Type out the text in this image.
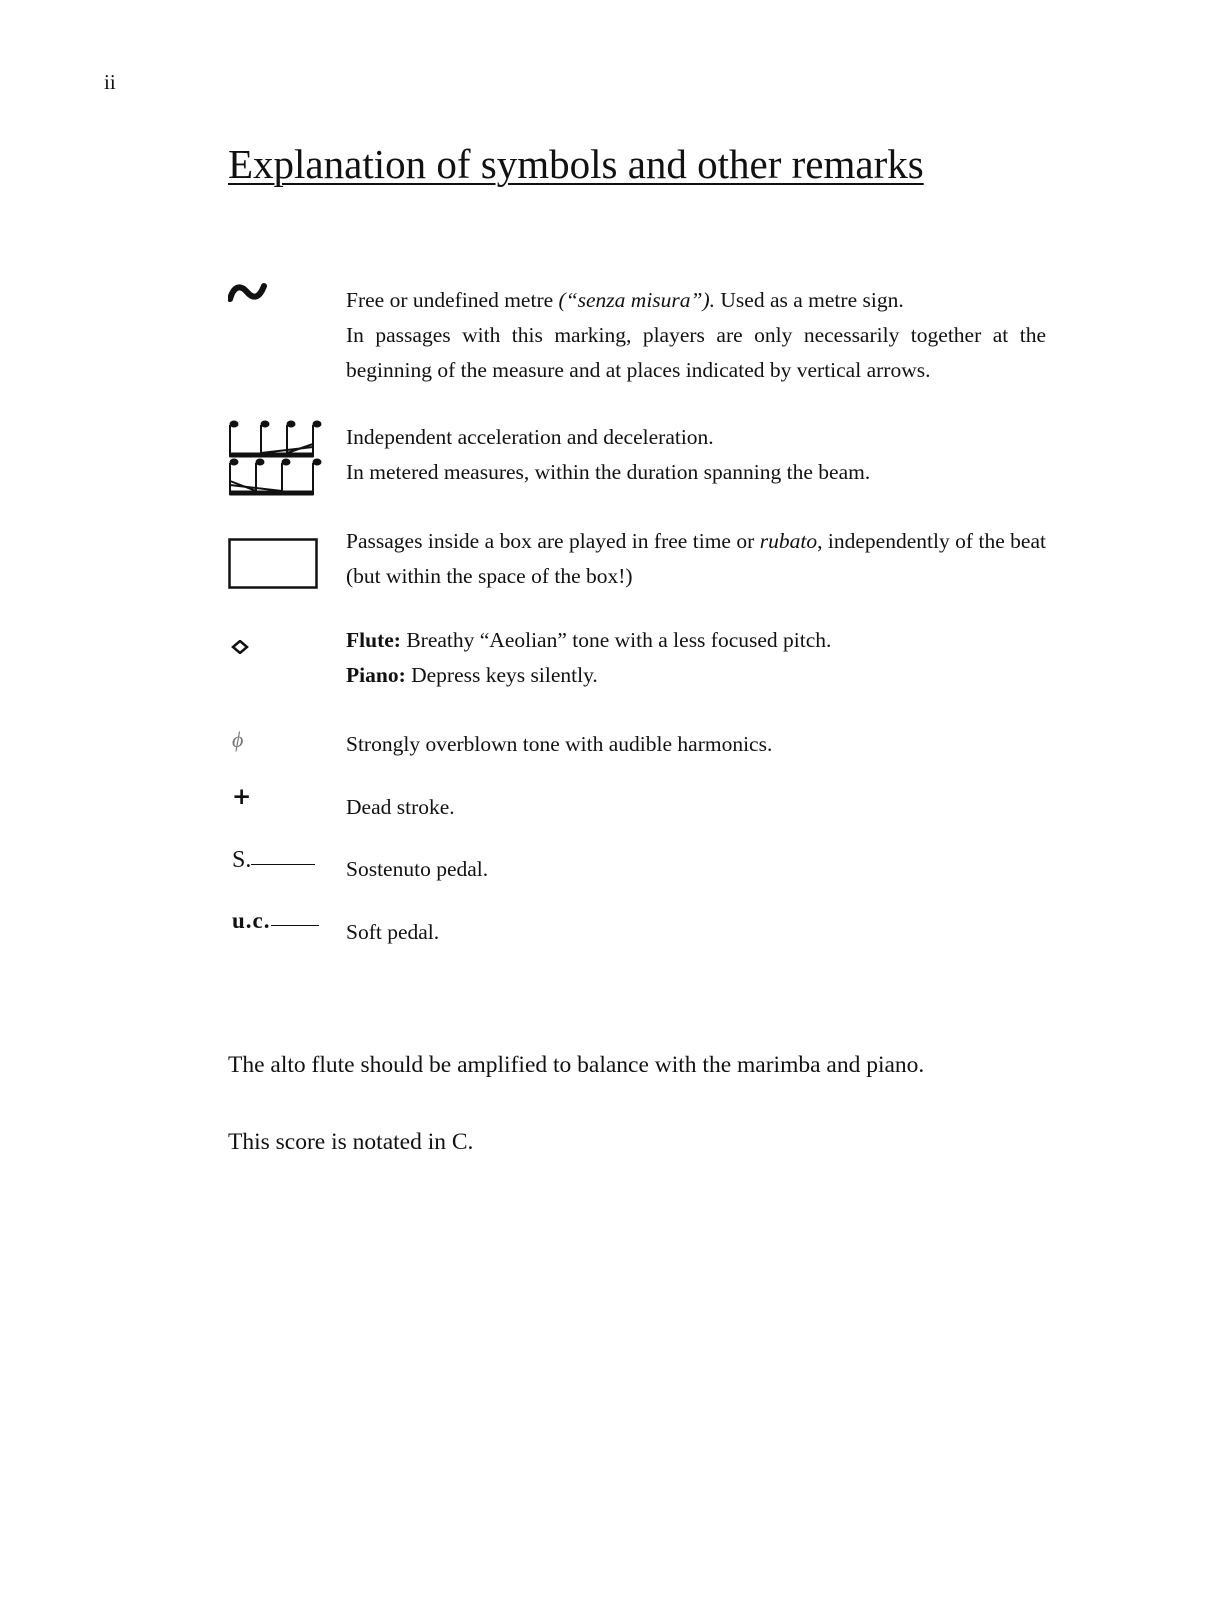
ii
Explanation of symbols and other remarks

Free or undefined metre (“senza misura”). Used as a metre sign.

In passages with this marking, players are only necessarily together at the beginning of the measure and at places indicated by vertical arrows.

Independent acceleration and deceleration.

In metered measures, within the duration spanning the beam.

Passages inside a box are played in free time or rubato, independently of the beat (but within the space of the box!)

Flute: Breathy “Aeolian” tone with a less focused pitch.

Piano: Depress keys silently.

ϕ	Strongly overblown tone with audible harmonics.
+	Dead stroke.
S.	Sostenuto pedal.
u.c.	Soft pedal.
The alto flute should be amplified to balance with the marimba and piano.
This score is notated in C.
